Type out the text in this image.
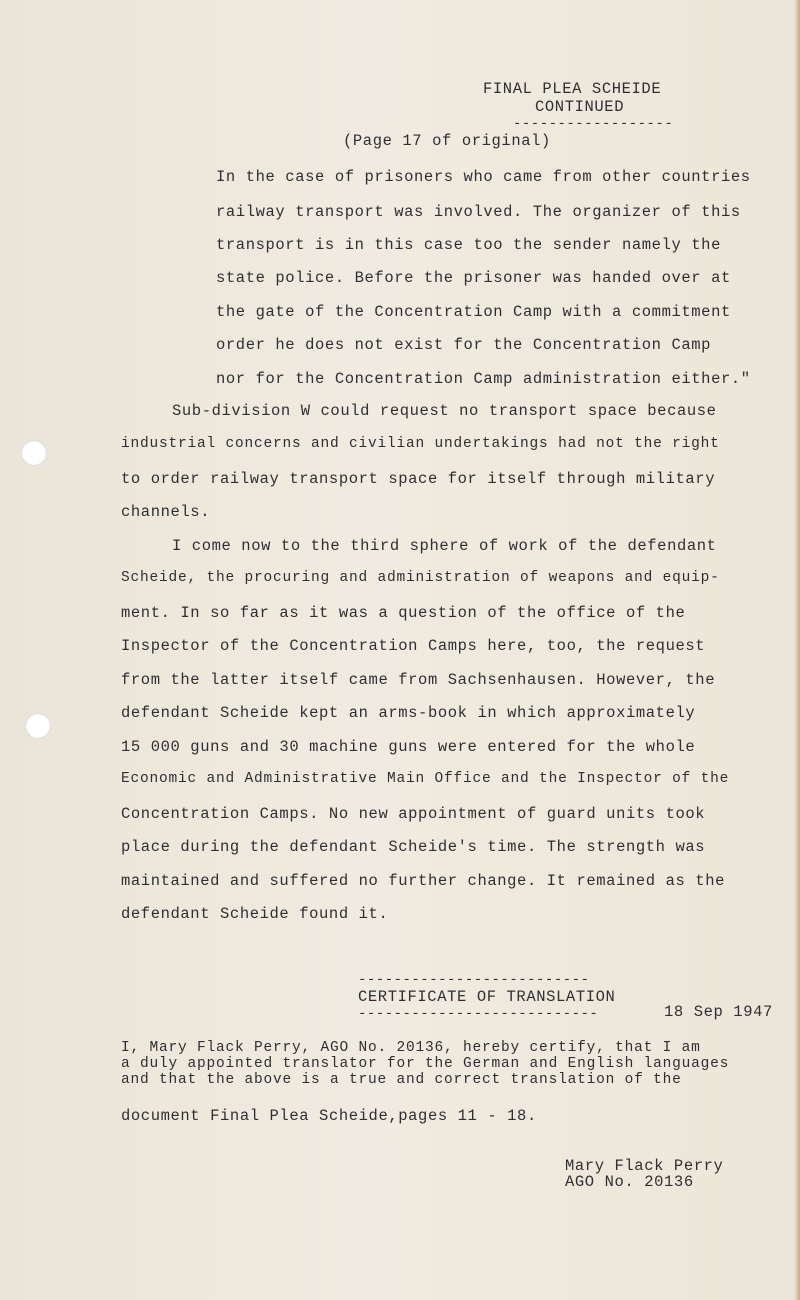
FINAL PLEA SCHEIDE
CONTINUED
------------------
(Page 17 of original)
In the case of prisoners who came from other countries
railway transport was involved. The organizer of this
transport is in this case too the sender namely the
state police. Before the prisoner was handed over at
the gate of the Concentration Camp with a commitment
order he does not exist for the Concentration Camp
nor for the Concentration Camp administration either."
Sub-division W could request no transport space because
industrial concerns and civilian undertakings had not the right
to order railway transport space for itself through military
channels.
I come now to the third sphere of work of the defendant
Scheide, the procuring and administration of weapons and equip-
ment. In so far as it was a question of the office of the
Inspector of the Concentration Camps here, too, the request
from the latter itself came from Sachsenhausen. However, the
defendant Scheide kept an arms-book in which approximately
15 000 guns and 30 machine guns were entered for the whole
Economic and Administrative Main Office and the Inspector of the
Concentration Camps. No new appointment of guard units took
place during the defendant Scheide's time. The strength was
maintained and suffered no further change. It remained as the
defendant Scheide found it.
--------------------------
CERTIFICATE OF TRANSLATION
---------------------------	18 Sep 1947
I, Mary Flack Perry, AGO No. 20136, hereby certify, that I am
a duly appointed translator for the German and English languages
and that the above is a true and correct translation of the
document Final Plea Scheide,pages 11 - 18.
Mary Flack Perry
AGO No. 20136
